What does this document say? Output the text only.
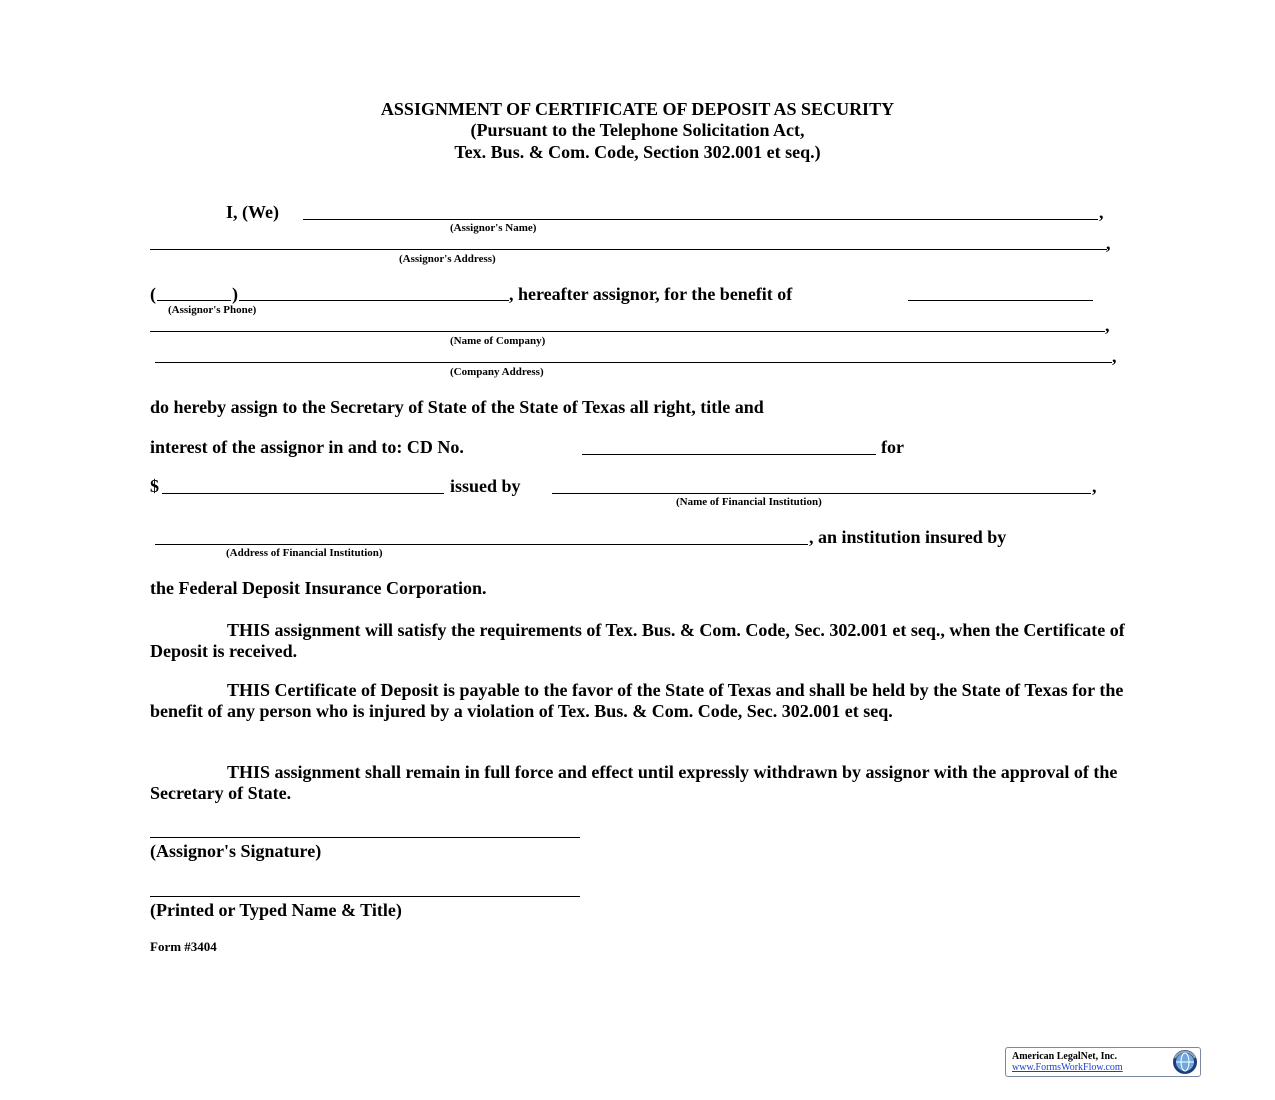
ASSIGNMENT OF CERTIFICATE OF DEPOSIT AS SECURITY
(Pursuant to the Telephone Solicitation Act,
Tex. Bus. & Com. Code, Section 302.001 et seq.)
I, (We)	,
(Assignor's Name)
,
(Assignor's Address)
(	)	, hereafter assignor, for the benefit of
(Assignor's Phone)
,
(Name of Company)
,
(Company Address)
do hereby assign to the Secretary of State of the State of Texas all right, title and
interest of the assignor in and to: CD No.	for
$	issued by	,
(Name of Financial Institution)
, an institution insured by
(Address of Financial Institution)
the Federal Deposit Insurance Corporation.
THIS assignment will satisfy the requirements of Tex. Bus. & Com. Code, Sec. 302.001 et seq., when the Certificate of Deposit is received.
THIS Certificate of Deposit is payable to the favor of the State of Texas and shall be held by the State of Texas for the benefit of any person who is injured by a violation of Tex. Bus. & Com. Code, Sec. 302.001 et seq.
THIS assignment shall remain in full force and effect until expressly withdrawn by assignor with the approval of the Secretary of State.
(Assignor's Signature)
(Printed or Typed Name & Title)
Form #3404
American LegalNet, Inc.
www.FormsWorkFlow.com
